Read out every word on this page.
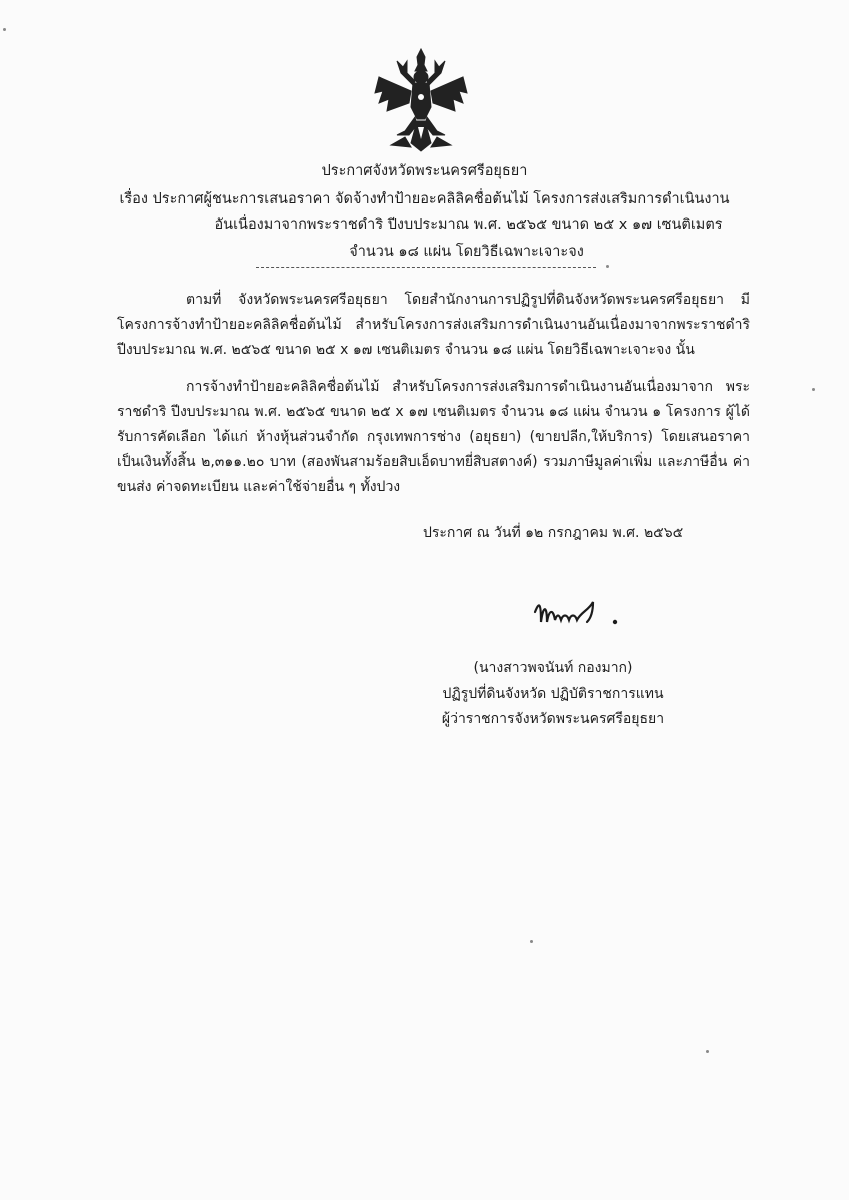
ประกาศจังหวัดพระนครศรีอยุธยา
เรื่อง ประกาศผู้ชนะการเสนอราคา จัดจ้างทำป้ายอะคลิลิคชื่อต้นไม้ โครงการส่งเสริมการดำเนินงาน
อันเนื่องมาจากพระราชดำริ ปีงบประมาณ พ.ศ. ๒๕๖๕ ขนาด ๒๕ x ๑๗ เซนติเมตร
จำนวน ๑๘ แผ่น โดยวิธีเฉพาะเจาะจง
ตามที่ จังหวัดพระนครศรีอยุธยา โดยสำนักงานการปฏิรูปที่ดินจังหวัดพระนครศรีอยุธยา มีโครงการจ้างทำป้ายอะคลิลิคชื่อต้นไม้ สำหรับโครงการส่งเสริมการดำเนินงานอันเนื่องมาจากพระราชดำริ ปีงบประมาณ พ.ศ. ๒๕๖๕ ขนาด ๒๕ x ๑๗ เซนติเมตร จำนวน ๑๘ แผ่น โดยวิธีเฉพาะเจาะจง นั้น
การจ้างทำป้ายอะคลิลิคชื่อต้นไม้ สำหรับโครงการส่งเสริมการดำเนินงานอันเนื่องมาจาก พระราชดำริ ปีงบประมาณ พ.ศ. ๒๕๖๕ ขนาด ๒๕ x ๑๗ เซนติเมตร จำนวน ๑๘ แผ่น จำนวน ๑ โครงการ ผู้ได้รับการคัดเลือก ได้แก่ ห้างหุ้นส่วนจำกัด กรุงเทพการช่าง (อยุธยา) (ขายปลีก,ให้บริการ) โดยเสนอราคา เป็นเงินทั้งสิ้น ๒,๓๑๑.๒๐ บาท (สองพันสามร้อยสิบเอ็ดบาทยี่สิบสตางค์) รวมภาษีมูลค่าเพิ่ม และภาษีอื่น ค่าขนส่ง ค่าจดทะเบียน และค่าใช้จ่ายอื่น ๆ ทั้งปวง
ประกาศ ณ วันที่ ๑๒ กรกฎาคม พ.ศ. ๒๕๖๕
(นางสาวพจนันท์ กองมาก)
ปฏิรูปที่ดินจังหวัด ปฏิบัติราชการแทน
ผู้ว่าราชการจังหวัดพระนครศรีอยุธยา
